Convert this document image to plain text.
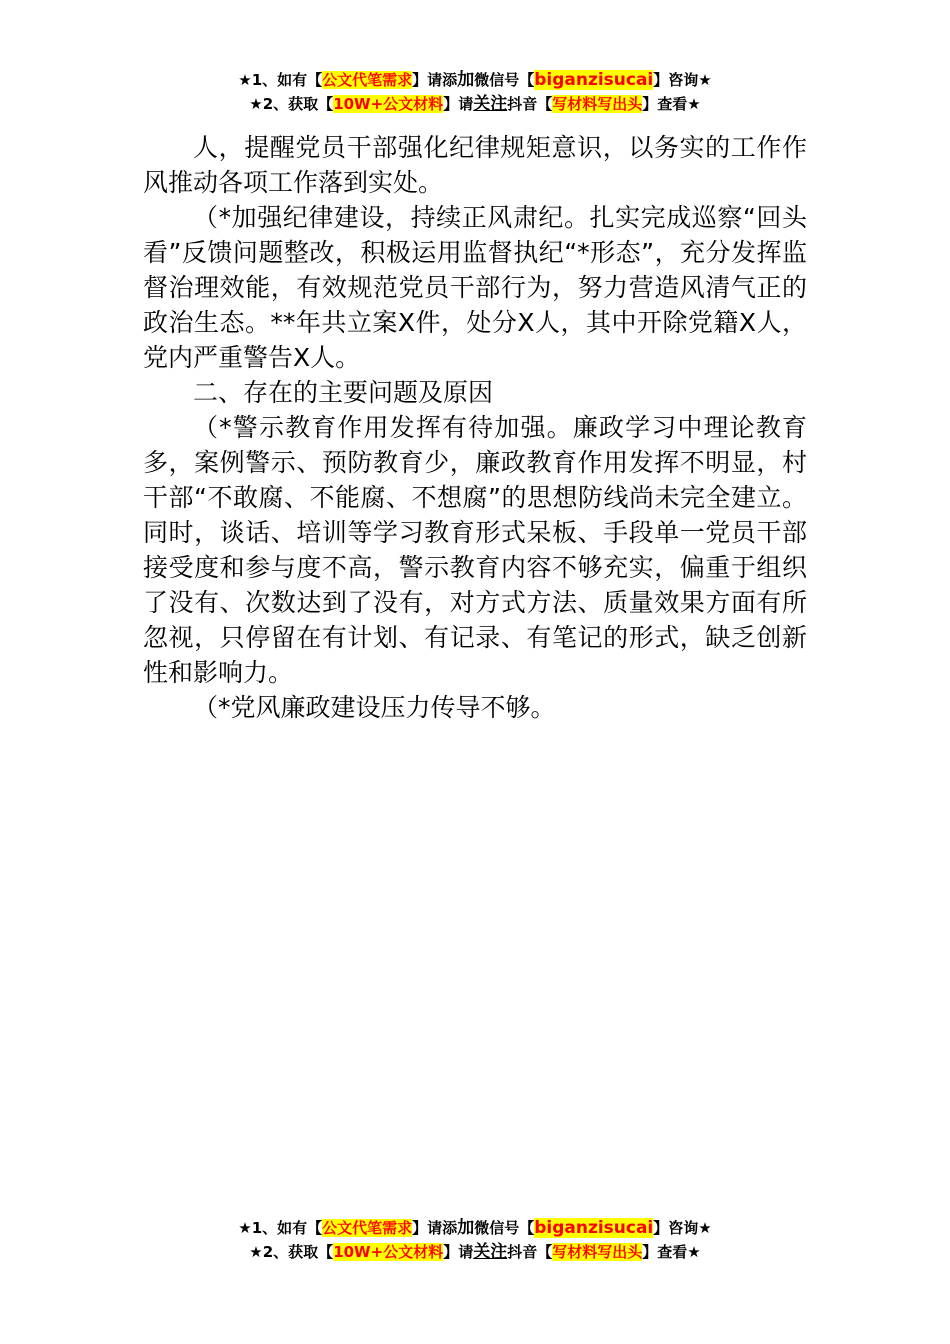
★1、如有【公文代笔需求】请添加微信号【biganzisucai】咨询★
★2、获取【10W+公文材料】请关注抖音【写材料写出头】查看★

人，提醒党员干部强化纪律规矩意识，以务实的工作作风推动各项工作落到实处。

（*加强纪律建设，持续正风肃纪。扎实完成巡察“回头看”反馈问题整改，积极运用监督执纪“*形态”，充分发挥监督治理效能，有效规范党员干部行为，努力营造风清气正的政治生态。**年共立案X件，处分X人，其中开除党籍X人，党内严重警告X人。

二、存在的主要问题及原因

（*警示教育作用发挥有待加强。廉政学习中理论教育多，案例警示、预防教育少，廉政教育作用发挥不明显，村干部“不敢腐、不能腐、不想腐”的思想防线尚未完全建立。同时，谈话、培训等学习教育形式呆板、手段单一党员干部接受度和参与度不高，警示教育内容不够充实，偏重于组织了没有、次数达到了没有，对方式方法、质量效果方面有所忽视，只停留在有计划、有记录、有笔记的形式，缺乏创新性和影响力。

（*党风廉政建设压力传导不够。

★1、如有【公文代笔需求】请添加微信号【biganzisucai】咨询★
★2、获取【10W+公文材料】请关注抖音【写材料写出头】查看★
